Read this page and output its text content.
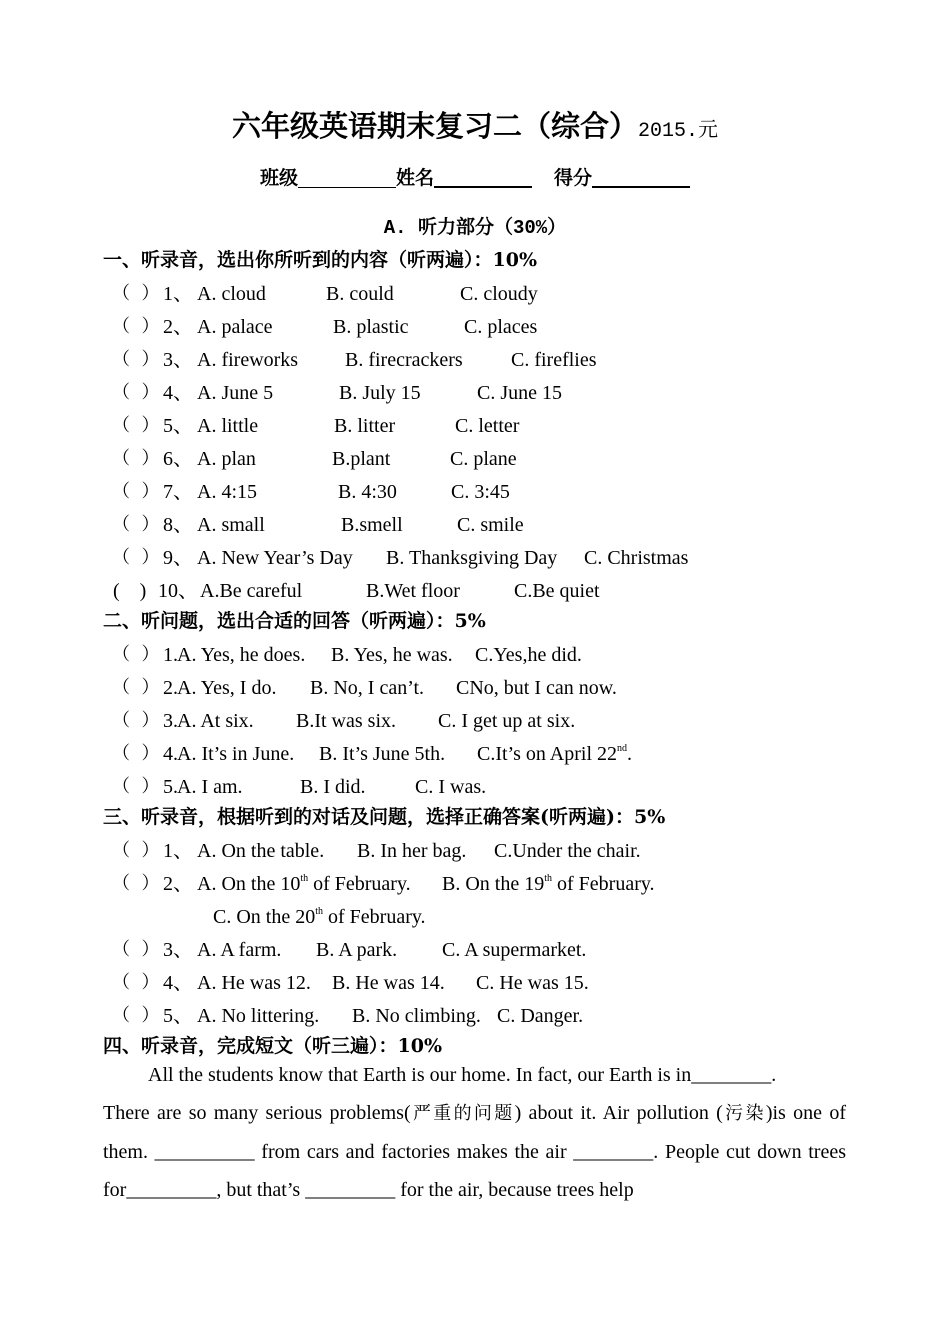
六年级英语期末复习二（综合）2015.元
班级	姓名	得分
A. 听力部分（30%）
一、听录音，选出你所听到的内容（听两遍）：10%
（  ） 1、 A. cloud	B. could	C. cloudy
（  ） 2、 A. palace	B. plastic	C. places
（  ） 3、 A. fireworks B. firecrackers C. fireflies
（  ） 4、 A. June 5	B. July 15	C. June 15
（  ） 5、 A. little	B. litter	C. letter
（  ） 6、 A. plan	B.plant	C. plane
（  ） 7、 A. 4:15	B. 4:30	C. 3:45
（  ） 8、 A. small	B.smell	C. smile
（  ） 9、 A. New Year’s Day B. Thanksgiving Day C. Christmas
(    ) 10、 A.Be careful	B.Wet floor	C.Be quiet
二、听问题，选出合适的回答（听两遍）：5%
（  ） 1. A. Yes, he does. B. Yes, he was. C.Yes,he did.
（  ） 2. A. Yes, I do. B. No, I can’t. CNo, but I can now.
（  ） 3. A. At six. B.It was six. C. I get up at six.
（  ） 4. A. It’s in June. B. It’s June 5th. C.It’s on April 22nd.
（  ） 5. A. I am.	B. I did. C. I was.
三、听录音，根据听到的对话及问题，选择正确答案(听两遍)：5%
（  ） 1、 A. On the table. B. In her bag. C.Under the chair.
（  ） 2、 A. On the 10th of February. B. On the 19th of February.
C. On the 20th of February.
（  ） 3、 A. A farm. B. A park. C. A supermarket.
（  ） 4、 A. He was 12. B. He was 14. C. He was 15.
（  ） 5、 A. No littering. B. No climbing. C. Danger.
四、听录音，完成短文（听三遍）：10%
All the students know that Earth is our home. In fact, our Earth is in________.
There are so many serious problems(严重的问题) about it. Air pollution (污染)is one of them. __________ from cars and factories makes the air ________. People cut down trees for_________, but that’s _________ for the air, because trees help
